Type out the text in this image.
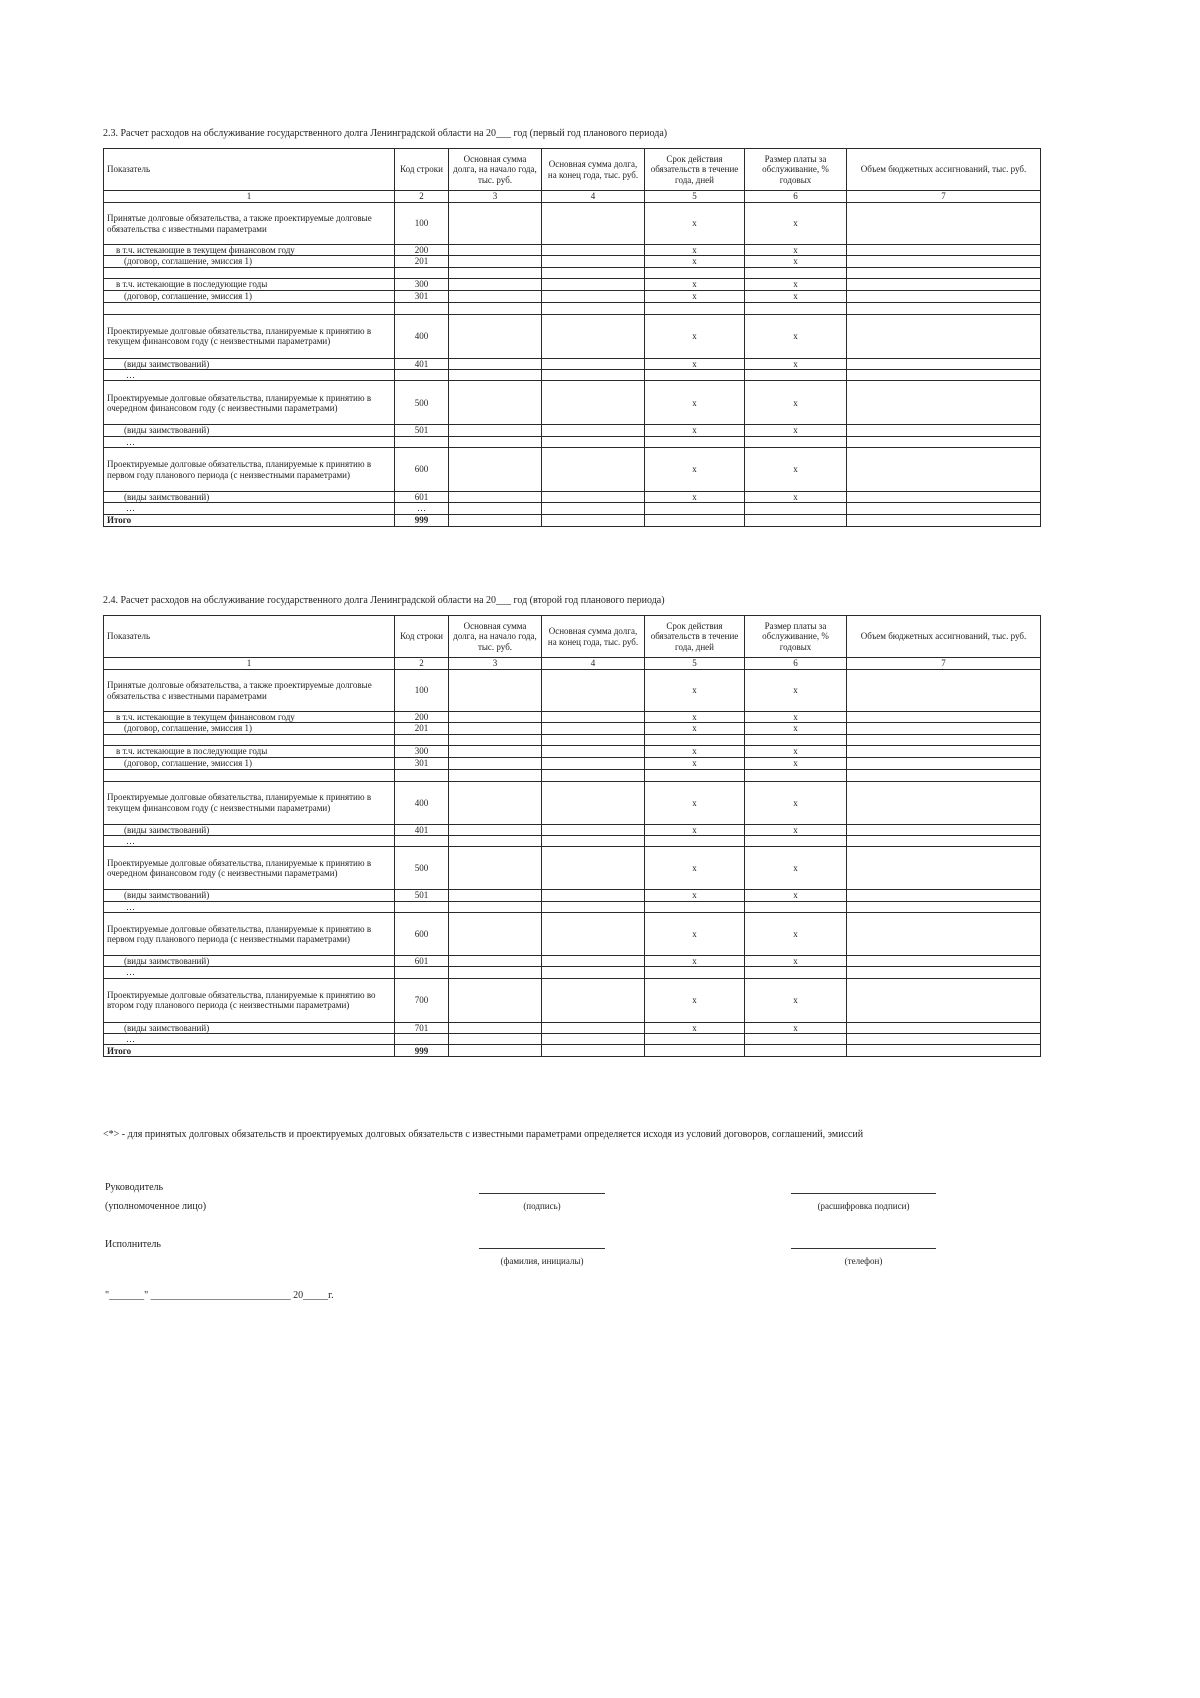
2.3. Расчет расходов на обслуживание государственного долга Ленинградской области на 20___ год (первый год планового периода)
Показатель	Код строки	Основная сумма долга, на начало года, тыс. руб.	Основная сумма долга, на конец года, тыс. руб.	Срок действия обязательств в течение года, дней	Размер платы за обслуживание, % годовых	Объем бюджетных ассигнований, тыс. руб.
1	2	3	4	5	6	7
Принятые долговые обязательства, а также проектируемые долговые обязательства с известными параметрами	100			х	х	
в т.ч. истекающие в текущем финансовом году	200			х	х	
(договор, соглашение, эмиссия 1)	201			х	х	

в т.ч. истекающие в последующие годы	300			х	х	
(договор, соглашение, эмиссия 1)	301			х	х	

Проектируемые долговые обязательства, планируемые к принятию в текущем финансовом году (с неизвестными параметрами)	400			х	х	
(виды заимствований)	401			х	х	
…						
Проектируемые долговые обязательства, планируемые к принятию в очередном финансовом году (с неизвестными параметрами)	500			х	х	
(виды заимствований)	501			х	х	
…						
Проектируемые долговые обязательства, планируемые к принятию в первом году планового периода (с неизвестными параметрами)	600			х	х	
(виды заимствований)	601			х	х	
…	…					
Итого	999					
2.4. Расчет расходов на обслуживание государственного долга Ленинградской области на 20___ год (второй год планового периода)
Показатель	Код строки	Основная сумма долга, на начало года, тыс. руб.	Основная сумма долга, на конец года, тыс. руб.	Срок действия обязательств в течение года, дней	Размер платы за обслуживание, % годовых	Объем бюджетных ассигнований, тыс. руб.
1	2	3	4	5	6	7
Принятые долговые обязательства, а также проектируемые долговые обязательства с известными параметрами	100			х	х	
в т.ч. истекающие в текущем финансовом году	200			х	х	
(договор, соглашение, эмиссия 1)	201			х	х	

в т.ч. истекающие в последующие годы	300			х	х	
(договор, соглашение, эмиссия 1)	301			х	х	

Проектируемые долговые обязательства, планируемые к принятию в текущем финансовом году (с неизвестными параметрами)	400			х	х	
(виды заимствований)	401			х	х	
…						
Проектируемые долговые обязательства, планируемые к принятию в очередном финансовом году (с неизвестными параметрами)	500			х	х	
(виды заимствований)	501			х	х	
…						
Проектируемые долговые обязательства, планируемые к принятию в первом году планового периода (с неизвестными параметрами)	600			х	х	
(виды заимствований)	601			х	х	
…						
Проектируемые долговые обязательства, планируемые к принятию во втором году планового периода (с неизвестными параметрами)	700			х	х	
(виды заимствований)	701			х	х	
…						
Итого	999					
<*> - для принятых долговых обязательств и проектируемых долговых обязательств с известными параметрами определяется исходя из условий договоров, соглашений, эмиссий
Руководитель
(уполномоченное лицо)	(подпись)	(расшифровка подписи)
Исполнитель
(фамилия, инициалы)	(телефон)
"_______" ____________________________ 20_____г.
